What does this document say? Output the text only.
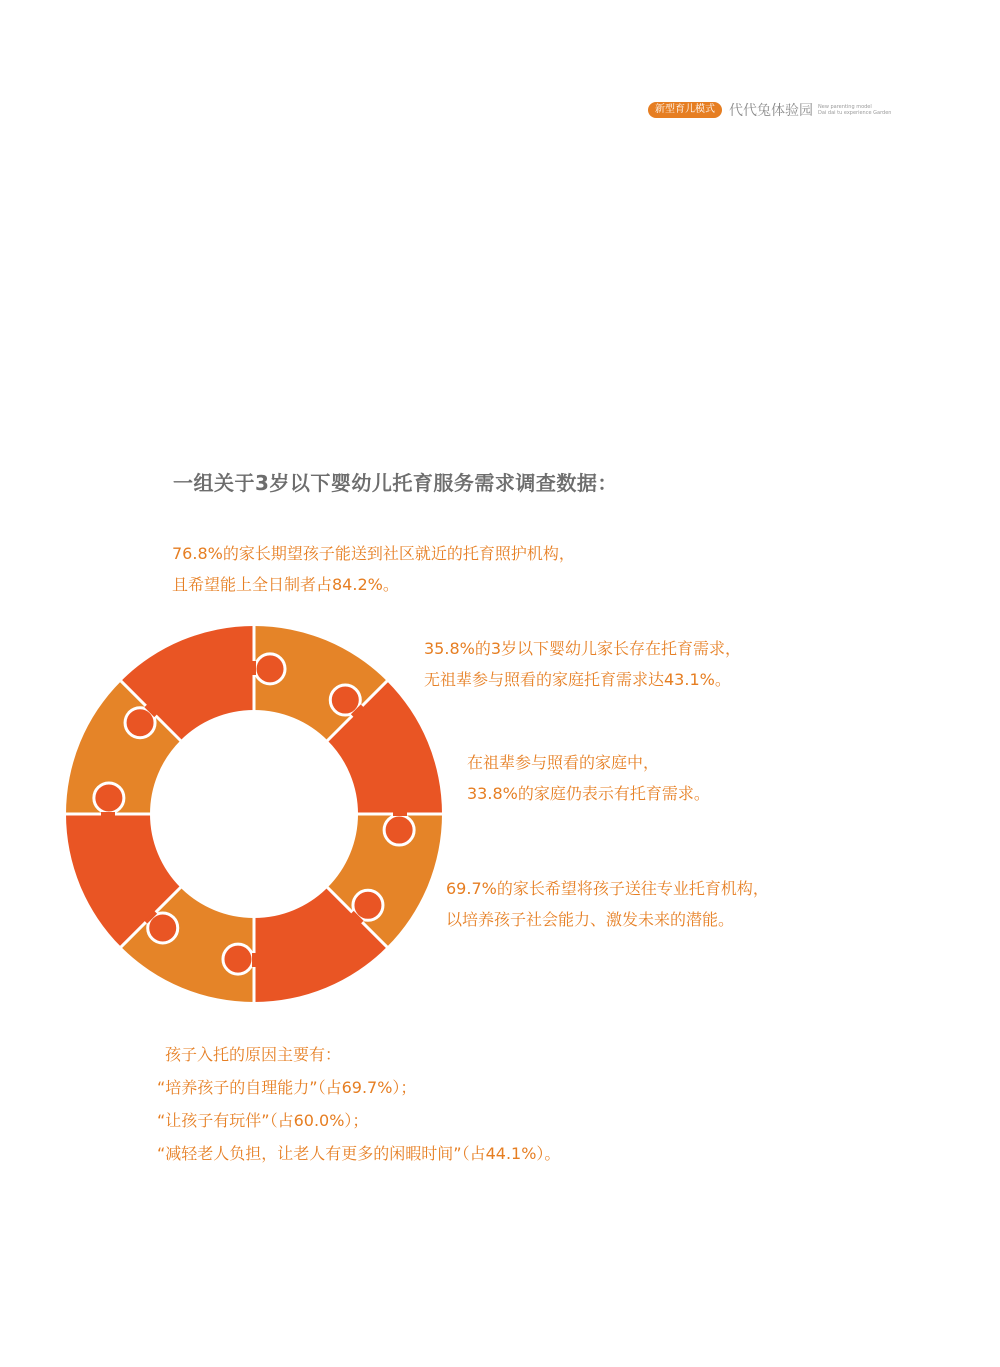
新型育儿模式	代代兔体验园 New parenting model
Dai dai tu experience Garden
一组关于3岁以下婴幼儿托育服务需求调查数据：
76.8%的家长期望孩子能送到社区就近的托育照护机构，
且希望能上全日制者占84.2%。
35.8%的3岁以下婴幼儿家长存在托育需求，
无祖辈参与照看的家庭托育需求达43.1%。
在祖辈参与照看的家庭中，
33.8%的家庭仍表示有托育需求。
69.7%的家长希望将孩子送往专业托育机构，
以培养孩子社会能力、激发未来的潜能。
孩子入托的原因主要有：
“培养孩子的自理能力”（占69.7%）；
“让孩子有玩伴”（占60.0%）；
“减轻老人负担，让老人有更多的闲暇时间”（占44.1%）。
